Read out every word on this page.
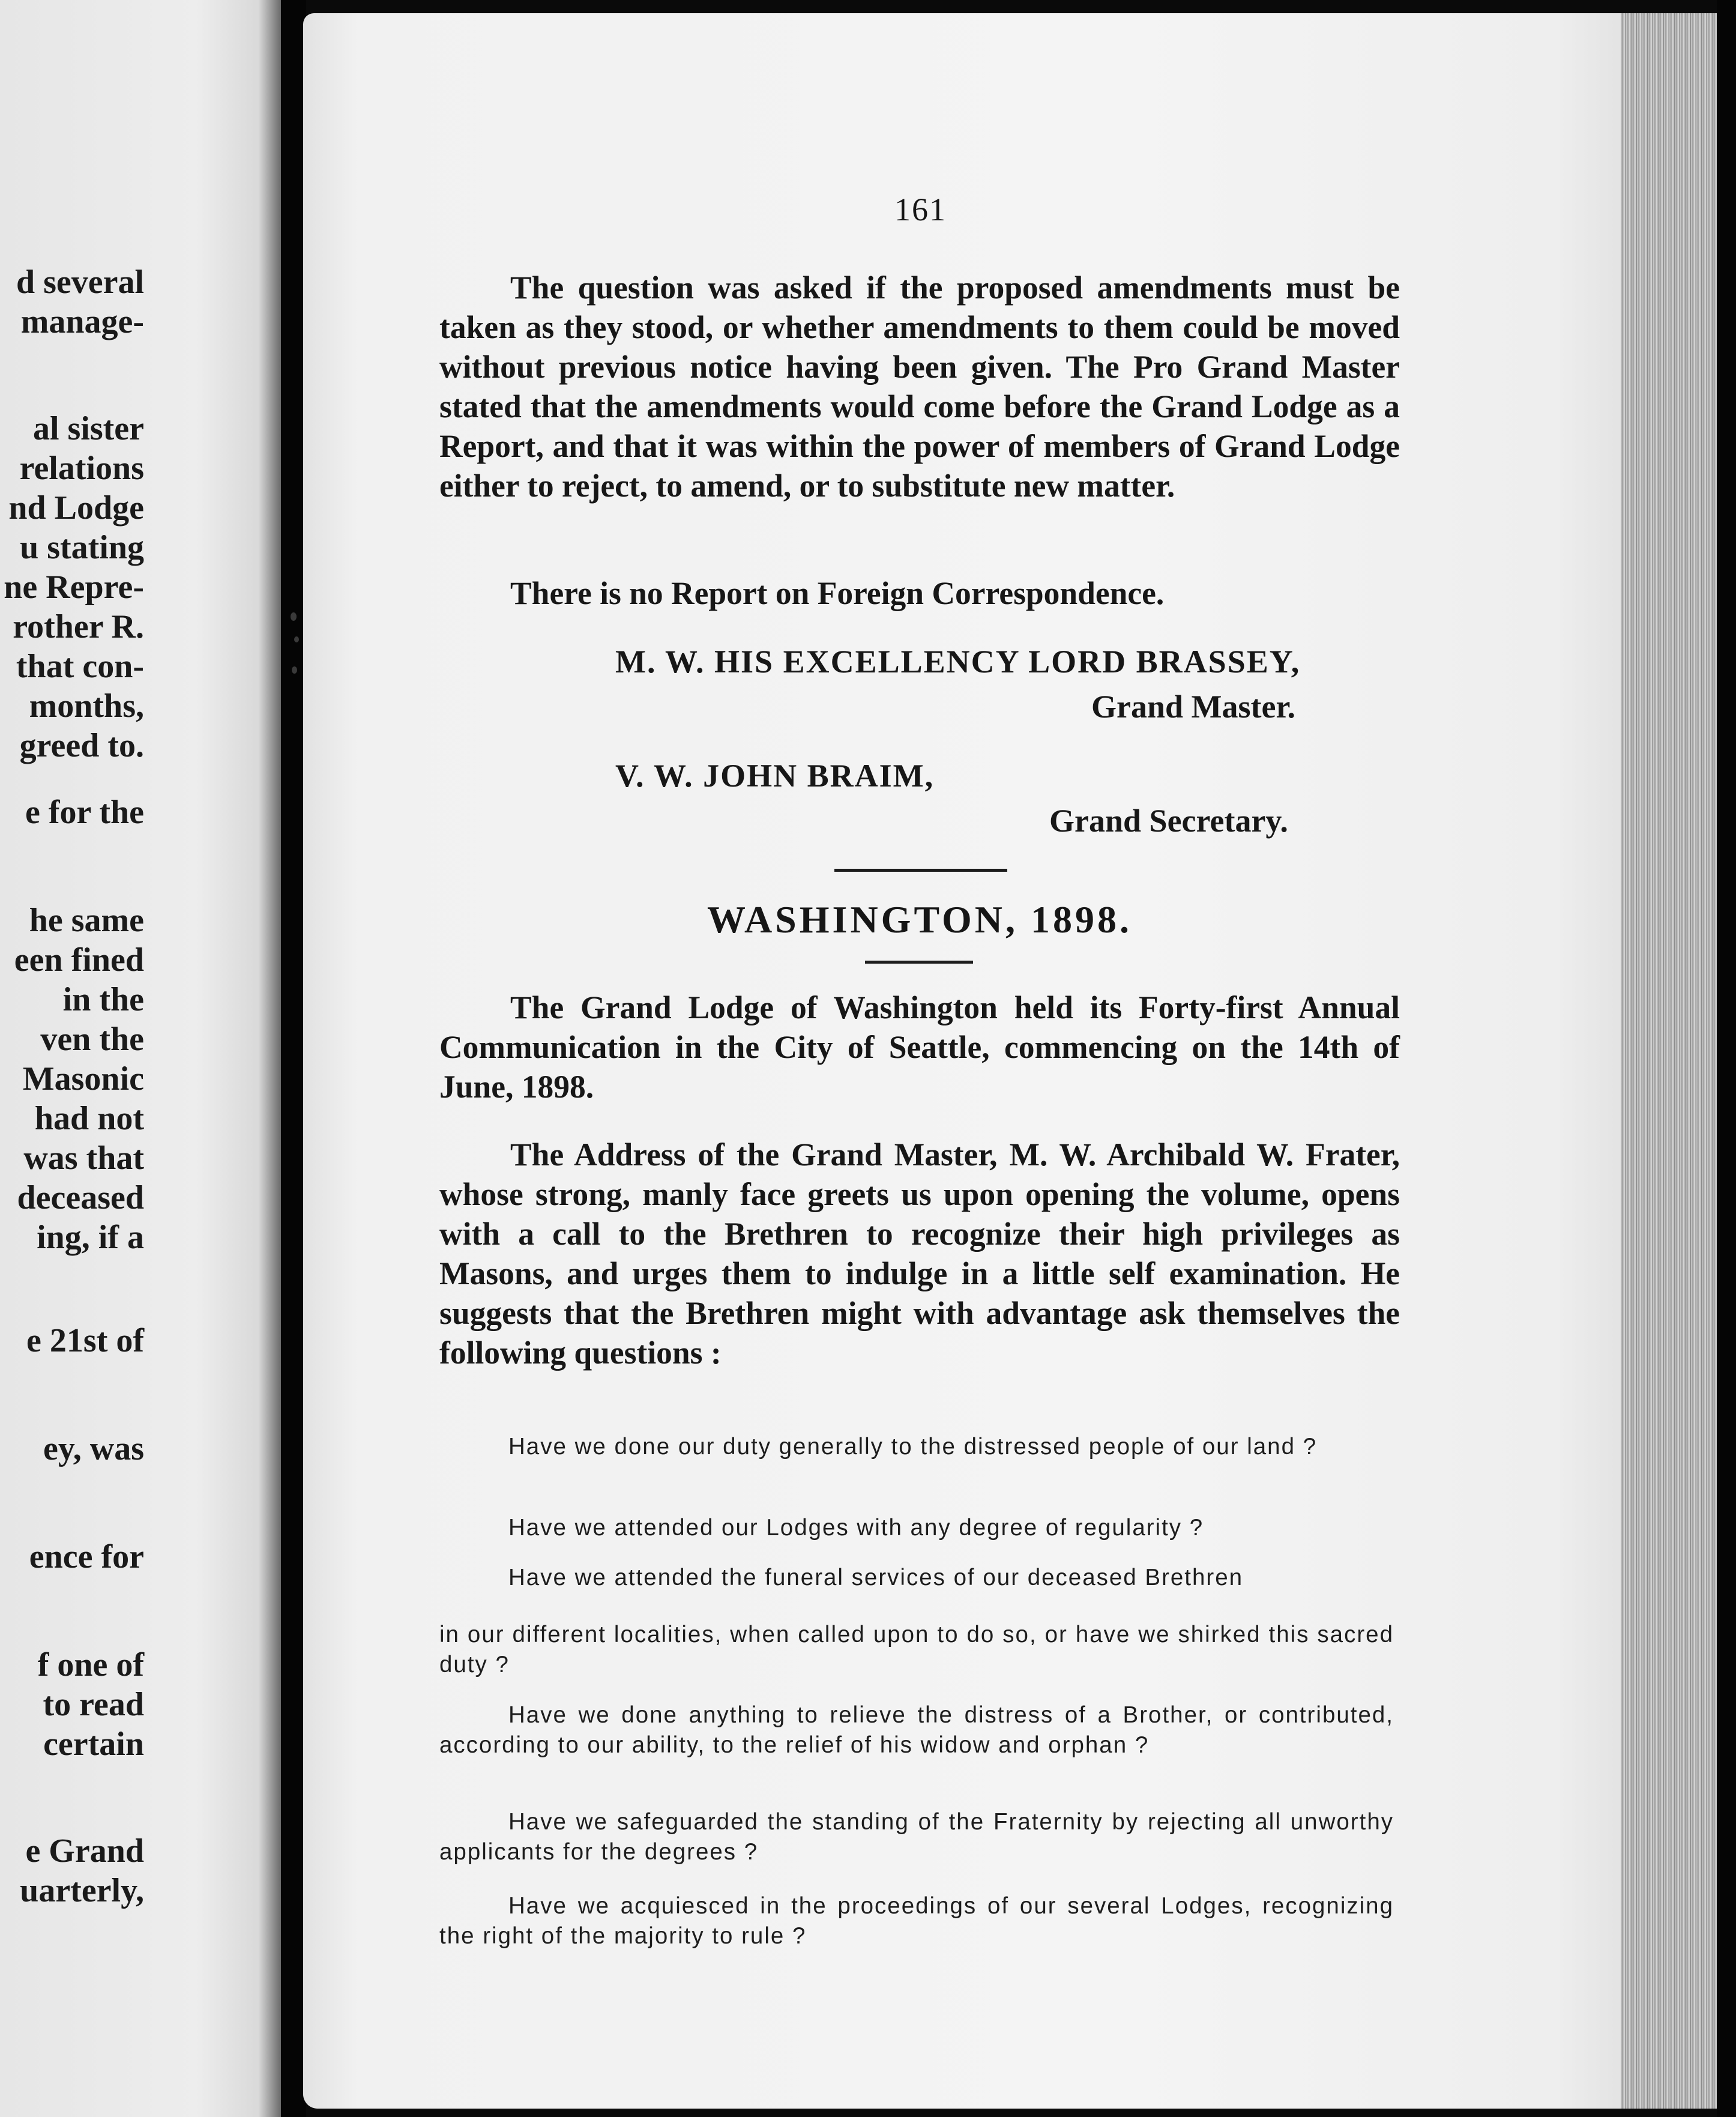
d several
manage-
al sister
relations
nd Lodge
u stating
ne Repre-
rother R.
that con-
months,
greed to.
e for the
he same
een fined
in the
ven the
Masonic
had not
was that
deceased
ing, if a
e 21st of
ey, was
ence for
f one of
to read
certain
e Grand
uarterly,
161

The question was asked if the proposed amendments must be taken as they stood, or whether amendments to them could be moved without previous notice having been given. The Pro Grand Master stated that the amendments would come before the Grand Lodge as a Report, and that it was within the power of members of Grand Lodge either to reject, to amend, or to substitute new matter.

There is no Report on Foreign Correspondence.

M. W. HIS EXCELLENCY LORD BRASSEY,
Grand Master.
V. W. JOHN BRAIM,
Grand Secretary.
WASHINGTON, 1898.

The Grand Lodge of Washington held its Forty-first Annual Communication in the City of Seattle, commencing on the 14th of June, 1898.

The Address of the Grand Master, M. W. Archibald W. Frater, whose strong, manly face greets us upon opening the volume, opens with a call to the Brethren to recognize their high privileges as Masons, and urges them to indulge in a little self examination. He suggests that the Brethren might with advantage ask themselves the following questions :

Have we done our duty generally to the distressed people of our land ?

Have we attended our Lodges with any degree of regularity ?

Have we attended the funeral services of our deceased Brethren

in our different localities, when called upon to do so, or have we shirked this sacred duty ?

Have we done anything to relieve the distress of a Brother, or contributed, according to our ability, to the relief of his widow and orphan ?

Have we safeguarded the standing of the Fraternity by rejecting all unworthy applicants for the degrees ?

Have we acquiesced in the proceedings of our several Lodges, recognizing the right of the majority to rule ?
